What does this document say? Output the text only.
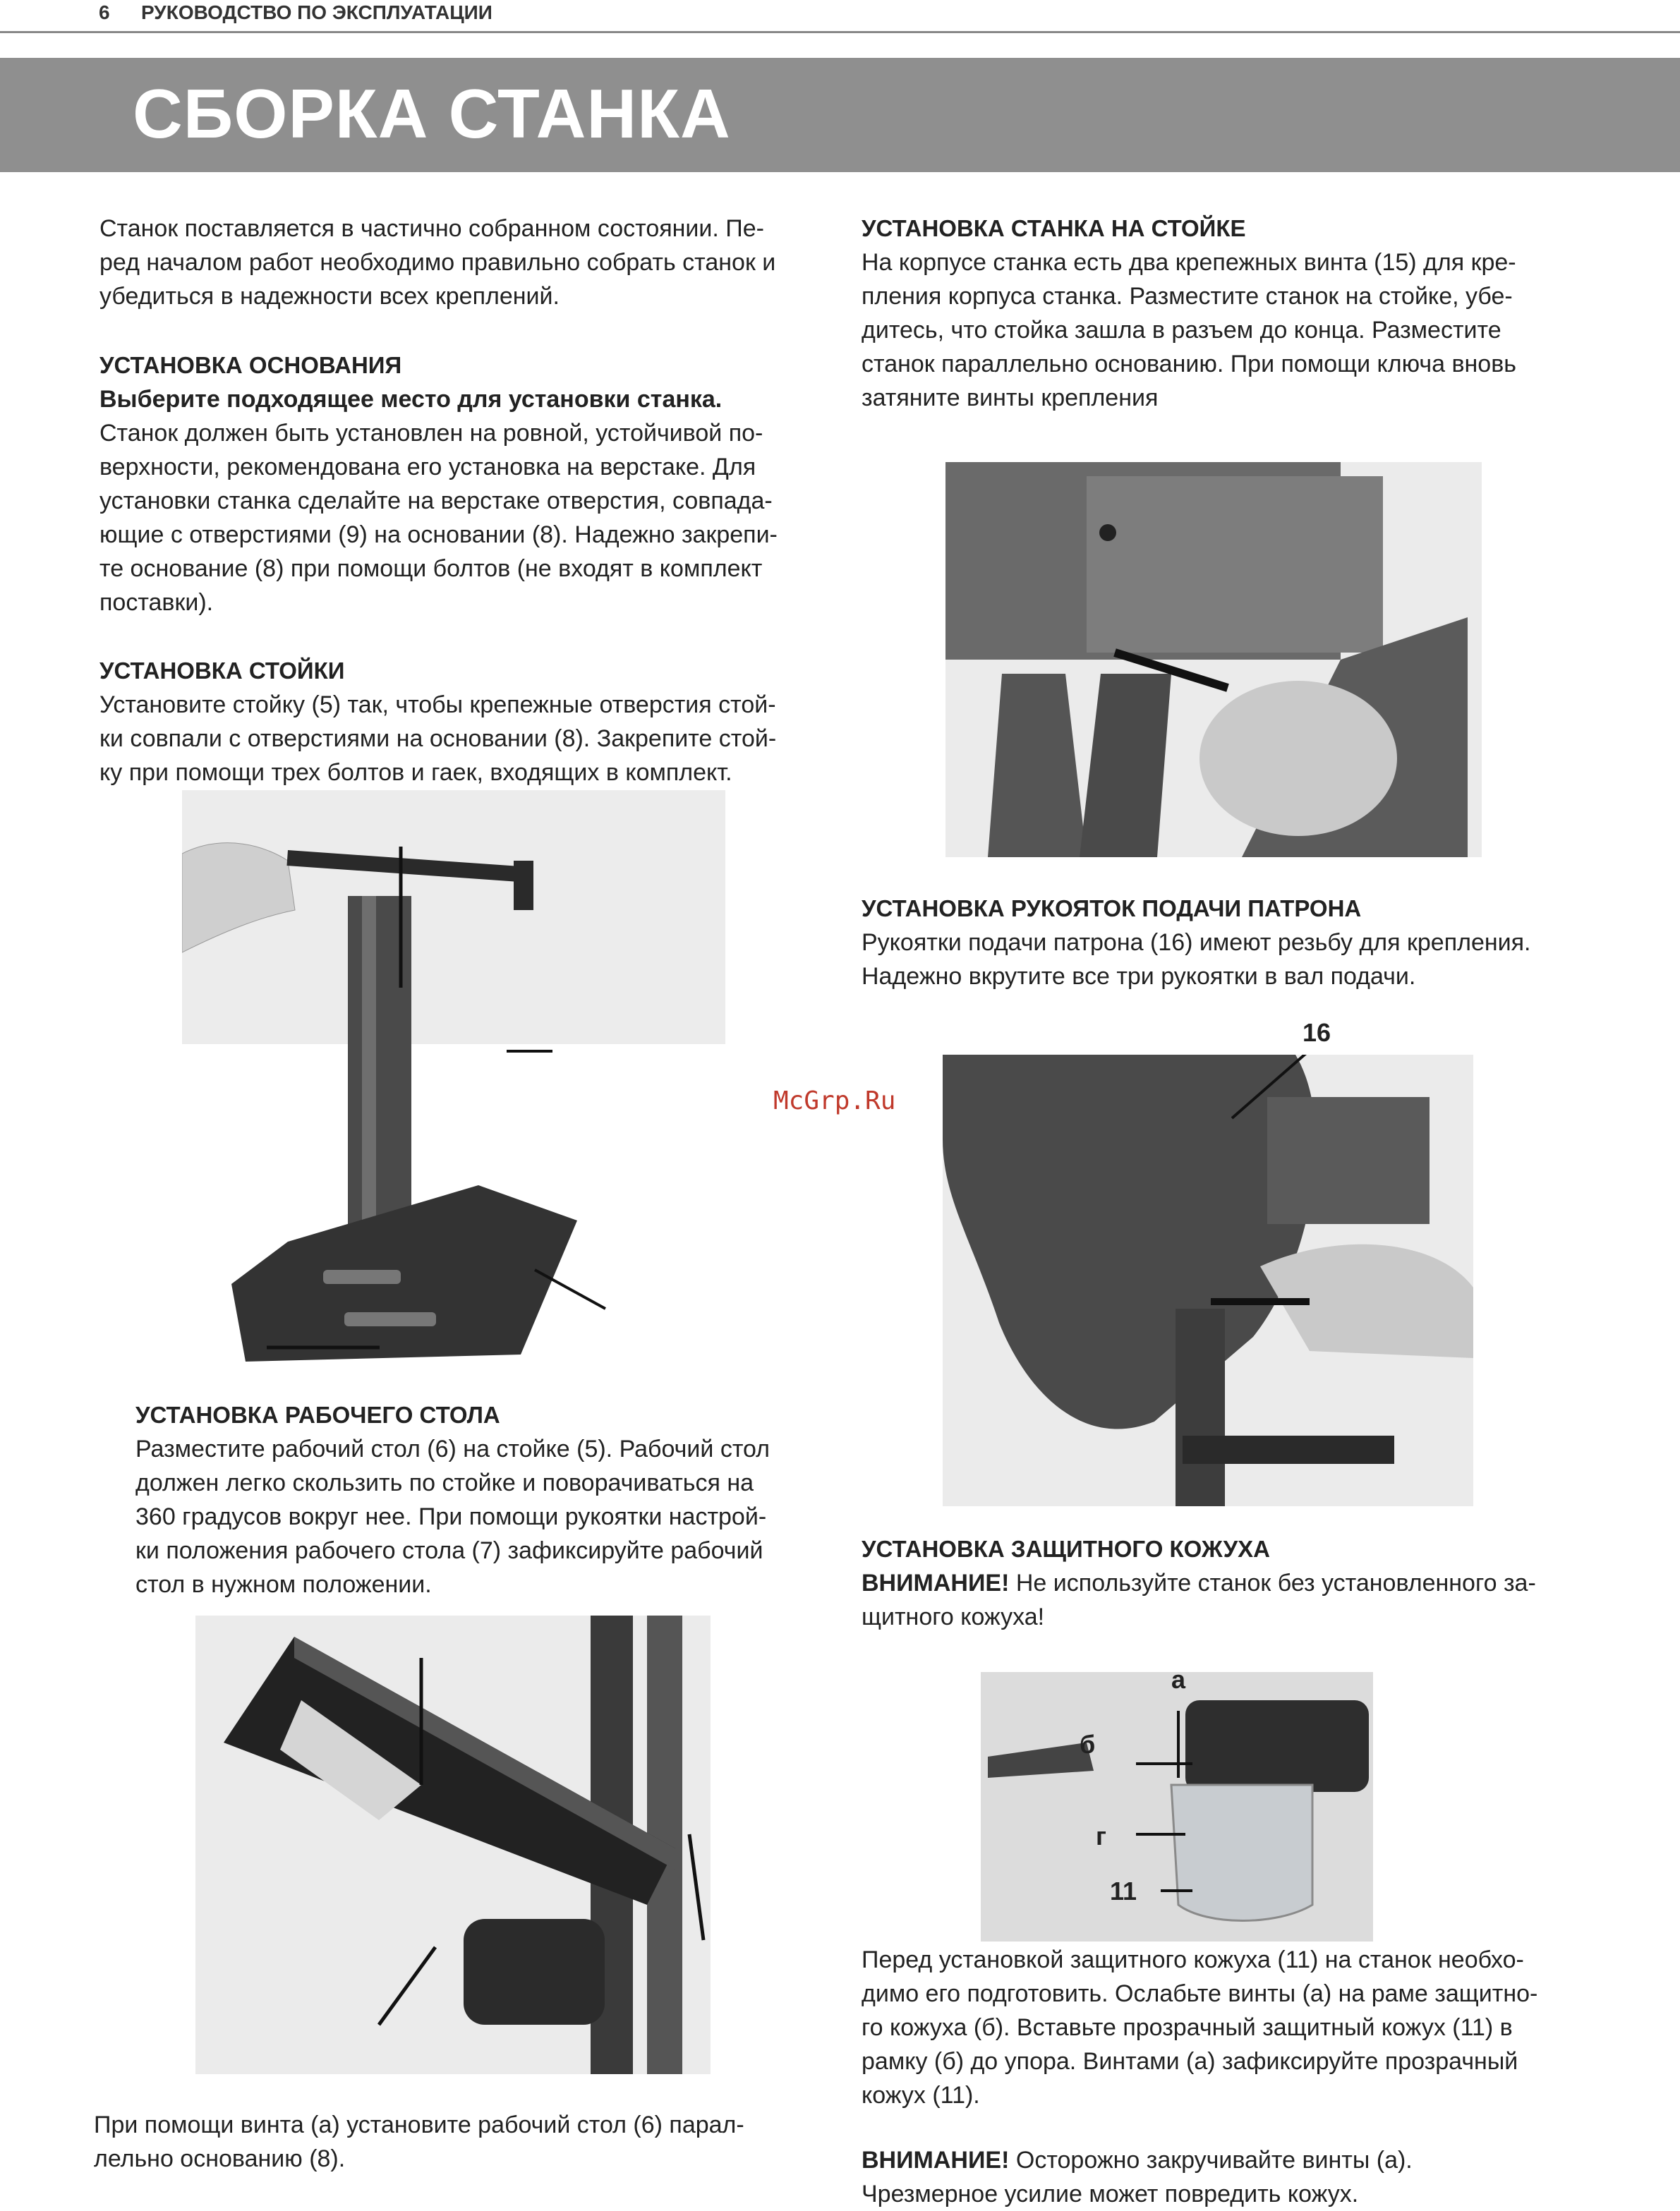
6 РУКОВОДСТВО ПО ЭКСПЛУАТАЦИИ
СБОРКА СТАНКА

Станок поставляется в частично собранном состоянии. Пе-

ред началом работ необходимо правильно собрать станок и

убедиться в надежности всех креплений.

УСТАНОВКА ОСНОВАНИЯ

Выберите подходящее место для установки станка.

Станок должен быть установлен на ровной, устойчивой по-

верхности, рекомендована его установка на верстаке. Для

установки станка сделайте на верстаке отверстия, совпада-

ющие с отверстиями (9) на основании (8). Надежно закрепи-

те основание (8) при помощи болтов (не входят в комплект

поставки).

УСТАНОВКА СТОЙКИ

Установите стойку (5) так, чтобы крепежные отверстия стой-

ки совпали с отверстиями на основании (8). Закрепите стой-

ку при помощи трех болтов и гаек, входящих в комплект.

УСТАНОВКА РАБОЧЕГО СТОЛА

Разместите рабочий стол (6) на стойке (5). Рабочий стол

должен легко скользить по стойке и поворачиваться на

360 градусов вокруг нее. При помощи рукоятки настрой-

ки положения рабочего стола (7) зафиксируйте рабочий

стол в нужном положении.

При помощи винта (а) установите рабочий стол (6) парал-

лельно основанию (8).

УСТАНОВКА СТАНКА НА СТОЙКЕ

На корпусе станка есть два крепежных винта (15) для кре-

пления корпуса станка. Разместите станок на стойке, убе-

дитесь, что стойка зашла в разъем до конца. Разместите

станок параллельно основанию. При помощи ключа вновь

затяните винты крепления

УСТАНОВКА РУКОЯТОК ПОДАЧИ ПАТРОНА

Рукоятки подачи патрона (16) имеют резьбу для крепления.

Надежно вкрутите все три рукоятки в вал подачи.

16
УСТАНОВКА ЗАЩИТНОГО КОЖУХА

ВНИМАНИЕ! Не используйте станок без установленного за-

щитного кожуха!

а
б
г
11

Перед установкой защитного кожуха (11) на станок необхо-

димо его подготовить. Ослабьте винты (а) на раме защитно-

го кожуха (б). Вставьте прозрачный защитный кожух (11) в

рамку (б) до упора. Винтами (а) зафиксируйте прозрачный

кожух (11).

ВНИМАНИЕ! Осторожно закручивайте винты (а).

Чрезмерное усилие может повредить кожух.

McGrp.Ru
